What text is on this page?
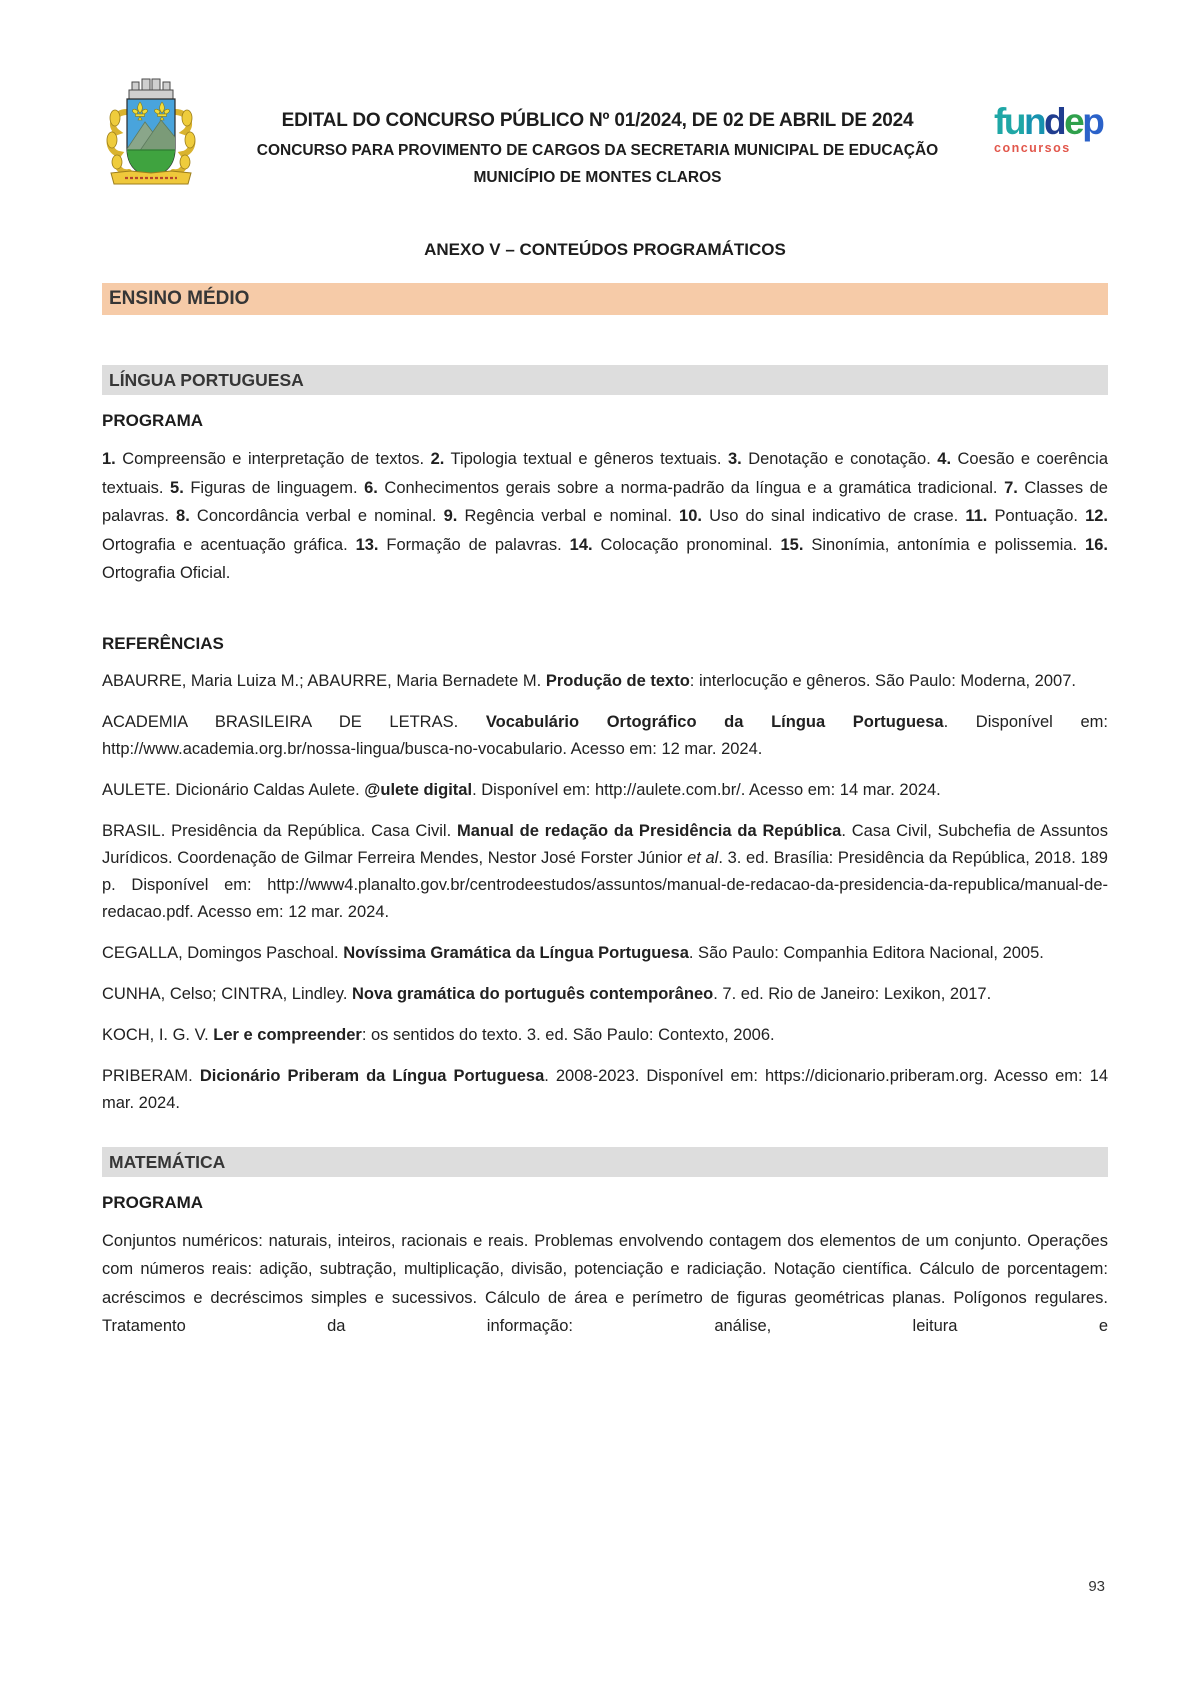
EDITAL DO CONCURSO PÚBLICO Nº 01/2024, DE 02 DE ABRIL DE 2024
CONCURSO PARA PROVIMENTO DE CARGOS DA SECRETARIA MUNICIPAL DE EDUCAÇÃO
MUNICÍPIO DE MONTES CLAROS
fundep
concursos
ANEXO V – CONTEÚDOS PROGRAMÁTICOS
ENSINO MÉDIO
LÍNGUA PORTUGUESA
PROGRAMA

1. Compreensão e interpretação de textos. 2. Tipologia textual e gêneros textuais. 3. Denotação e conotação. 4. Coesão e coerência textuais. 5. Figuras de linguagem. 6. Conhecimentos gerais sobre a norma-padrão da língua e a gramática tradicional. 7. Classes de palavras. 8. Concordância verbal e nominal. 9. Regência verbal e nominal. 10. Uso do sinal indicativo de crase. 11. Pontuação. 12. Ortografia e acentuação gráfica. 13. Formação de palavras. 14. Colocação pronominal. 15. Sinonímia, antonímia e polissemia. 16. Ortografia Oficial.

REFERÊNCIAS

ABAURRE, Maria Luiza M.; ABAURRE, Maria Bernadete M. Produção de texto: interlocução e gêneros. São Paulo: Moderna, 2007.

ACADEMIA BRASILEIRA DE LETRAS. Vocabulário Ortográfico da Língua Portuguesa. Disponível em: http://www.academia.org.br/nossa-lingua/busca-no-vocabulario. Acesso em: 12 mar. 2024.

AULETE. Dicionário Caldas Aulete. @ulete digital. Disponível em: http://aulete.com.br/. Acesso em: 14 mar. 2024.

BRASIL. Presidência da República. Casa Civil. Manual de redação da Presidência da República. Casa Civil, Subchefia de Assuntos Jurídicos. Coordenação de Gilmar Ferreira Mendes, Nestor José Forster Júnior et al. 3. ed. Brasília: Presidência da República, 2018. 189 p. Disponível em: http://www4.planalto.gov.br/centrodeestudos/assuntos/manual-de-redacao-da-presidencia-da-republica/manual-de-redacao.pdf. Acesso em: 12 mar. 2024.

CEGALLA, Domingos Paschoal. Novíssima Gramática da Língua Portuguesa. São Paulo: Companhia Editora Nacional, 2005.

CUNHA, Celso; CINTRA, Lindley. Nova gramática do português contemporâneo. 7. ed. Rio de Janeiro: Lexikon, 2017.

KOCH, I. G. V. Ler e compreender: os sentidos do texto. 3. ed. São Paulo: Contexto, 2006.

PRIBERAM. Dicionário Priberam da Língua Portuguesa. 2008-2023. Disponível em: https://dicionario.priberam.org. Acesso em: 14 mar. 2024.

MATEMÁTICA
PROGRAMA

Conjuntos numéricos: naturais, inteiros, racionais e reais. Problemas envolvendo contagem dos elementos de um conjunto. Operações com números reais: adição, subtração, multiplicação, divisão, potenciação e radiciação. Notação científica. Cálculo de porcentagem: acréscimos e decréscimos simples e sucessivos. Cálculo de área e perímetro de figuras geométricas planas. Polígonos regulares. Tratamento da informação: análise, leitura e

93
